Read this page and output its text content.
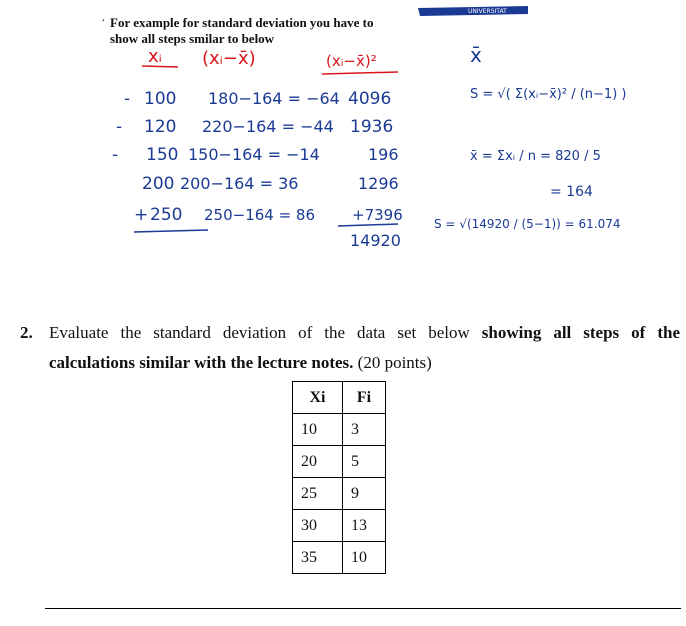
UNIVERSITAT
xᵢ (xᵢ−x̄)	(xᵢ−x̄)²
- 100 180−164 = −64 4096
- 120 220−164 = −44 1936
- 150 150−164 = −14	196
200 200−164 = 36	1296
+ 250 250−164 = 86 +7396
14920
x̄
S = √( Σ(xᵢ−x̄)² / (n−1) )
x̄ = Σxᵢ / n = 820 / 5
= 164
S = √(14920 / (5−1)) = 61.074
· For example for standard deviation you have to
show all steps smilar to below
2. Evaluate the standard deviation of the data set below showing all steps of the
calculations similar with the lecture notes. (20 points)
Xi	Fi
10	3
20	5
25	9
30	13
35	10
